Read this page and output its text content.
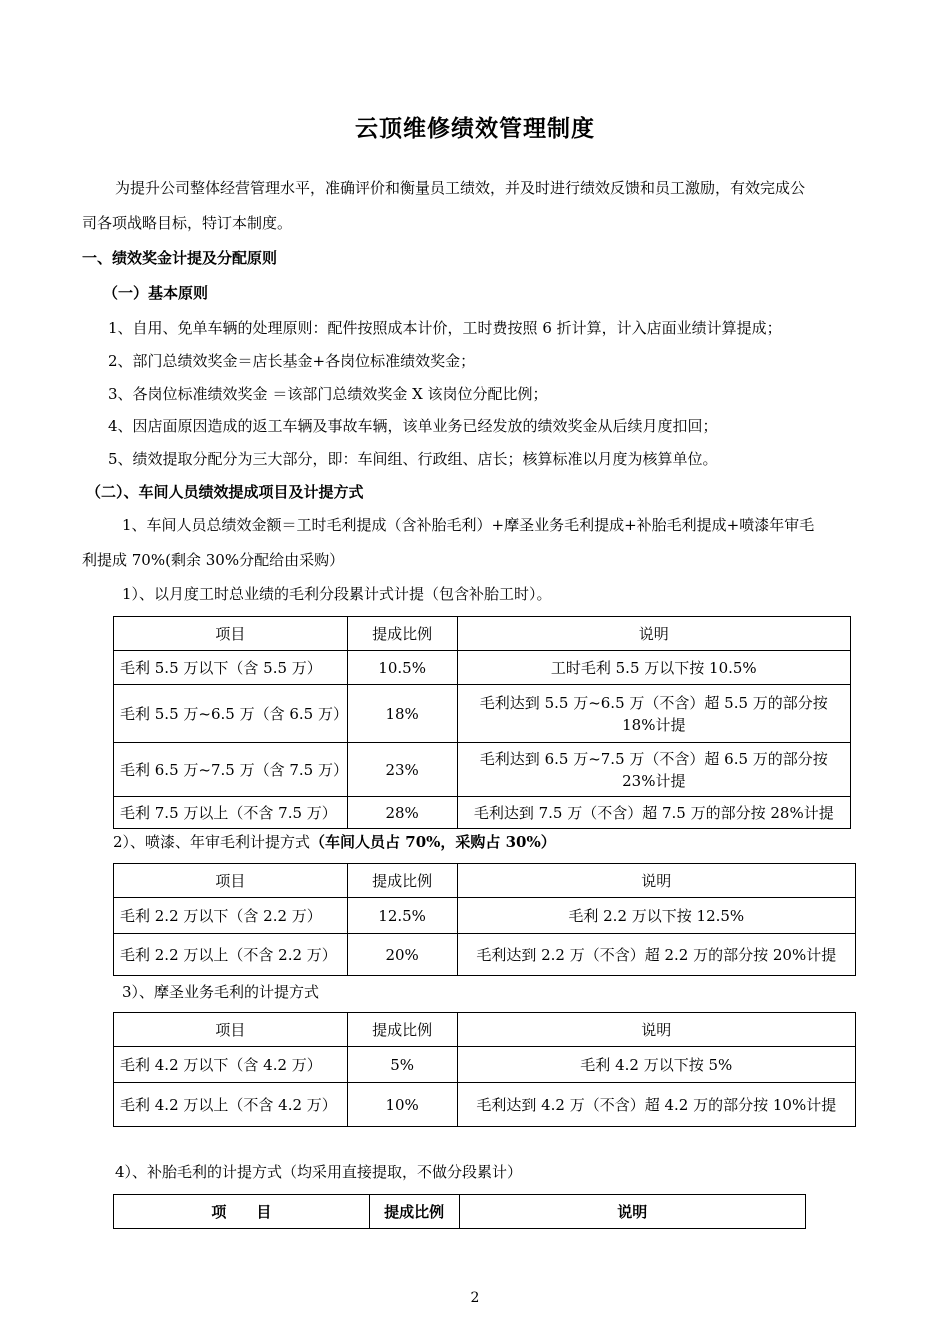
云顶维修绩效管理制度
为提升公司整体经营管理水平，准确评价和衡量员工绩效，并及时进行绩效反馈和员工激励，有效完成公
司各项战略目标，特订本制度。
一、绩效奖金计提及分配原则
（一）基本原则
1、自用、免单车辆的处理原则：配件按照成本计价，工时费按照 6 折计算，计入店面业绩计算提成；
2、部门总绩效奖金＝店长基金+各岗位标准绩效奖金；
3、各岗位标准绩效奖金 ＝该部门总绩效奖金 X 该岗位分配比例；
4、因店面原因造成的返工车辆及事故车辆，该单业务已经发放的绩效奖金从后续月度扣回；
5、绩效提取分配分为三大部分，即：车间组、行政组、店长；核算标准以月度为核算单位。
（二）、车间人员绩效提成项目及计提方式
1、车间人员总绩效金额＝工时毛利提成（含补胎毛利）+摩圣业务毛利提成+补胎毛利提成+喷漆年审毛
利提成 70%(剩余 30%分配给由采购）
1）、以月度工时总业绩的毛利分段累计式计提（包含补胎工时）。
项目	提成比例	说明
毛利 5.5 万以下（含 5.5 万）	10.5%	工时毛利 5.5 万以下按 10.5%
毛利 5.5 万~6.5 万（含 6.5 万）	18%	毛利达到 5.5 万~6.5 万（不含）超 5.5 万的部分按 18%计提
毛利 6.5 万~7.5 万（含 7.5 万）	23%	毛利达到 6.5 万~7.5 万（不含）超 6.5 万的部分按 23%计提
毛利 7.5 万以上（不含 7.5 万）	28%	毛利达到 7.5 万（不含）超 7.5 万的部分按 28%计提
2）、喷漆、年审毛利计提方式（车间人员占 70%，采购占 30%）
项目	提成比例	说明
毛利 2.2 万以下（含 2.2 万）	12.5%	毛利 2.2 万以下按 12.5%
毛利 2.2 万以上（不含 2.2 万）	20%	毛利达到 2.2 万（不含）超 2.2 万的部分按 20%计提
3）、摩圣业务毛利的计提方式
项目	提成比例	说明
毛利 4.2 万以下（含 4.2 万）	5%	毛利 4.2 万以下按 5%
毛利 4.2 万以上（不含 4.2 万）	10%	毛利达到 4.2 万（不含）超 4.2 万的部分按 10%计提
4）、补胎毛利的计提方式（均采用直接提取，不做分段累计）
项　　目	提成比例	说明
2
